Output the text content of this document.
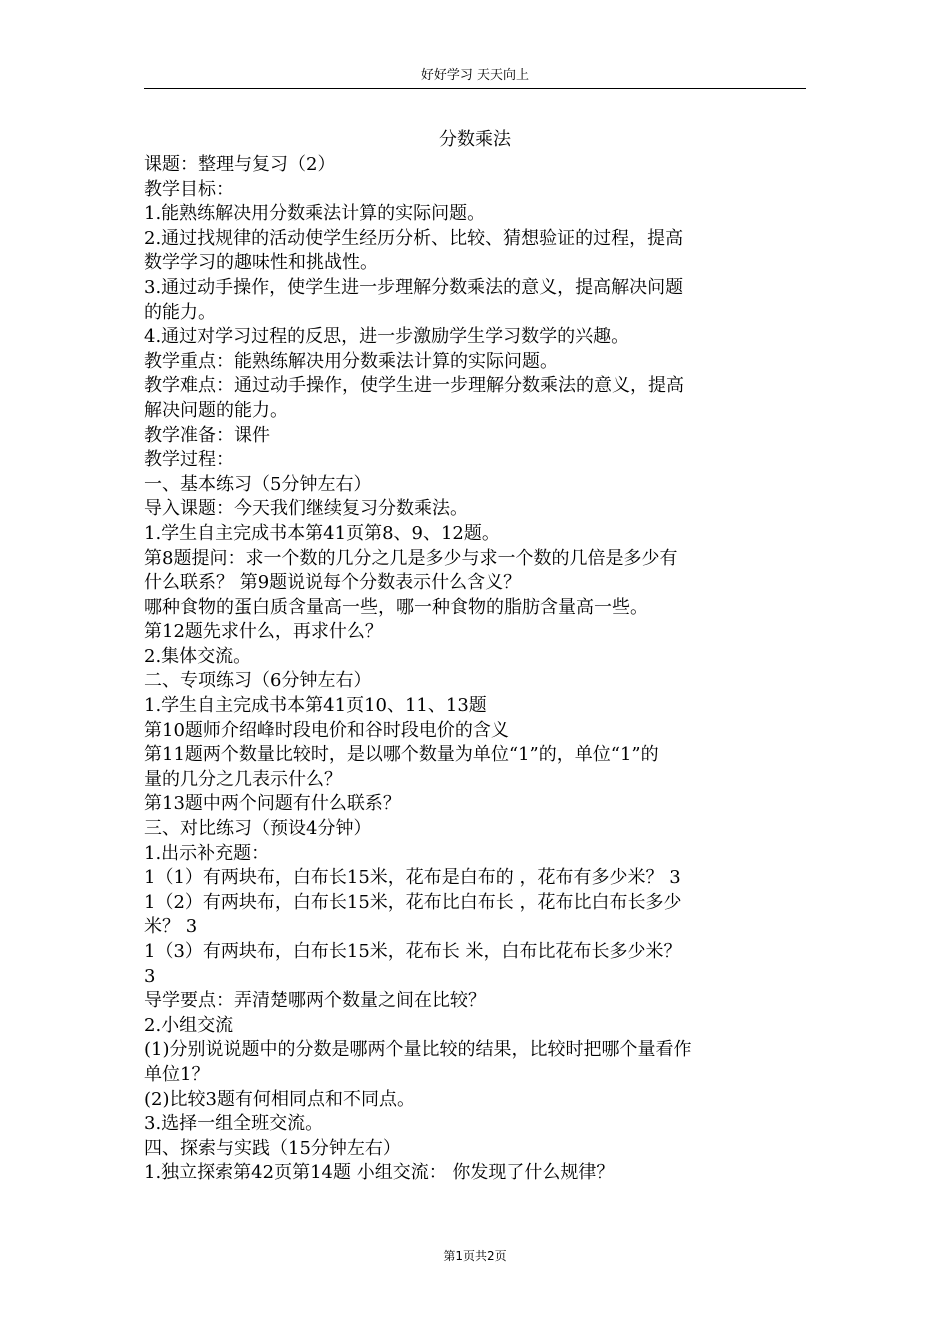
好好学习 天天向上
分数乘法
课题：整理与复习（2）
教学目标：
1.能熟练解决用分数乘法计算的实际问题。
2.通过找规律的活动使学生经历分析、比较、猜想验证的过程，提高
数学学习的趣味性和挑战性。
3.通过动手操作，使学生进一步理解分数乘法的意义，提高解决问题
的能力。
4.通过对学习过程的反思，进一步激励学生学习数学的兴趣。
教学重点：能熟练解决用分数乘法计算的实际问题。
教学难点：通过动手操作，使学生进一步理解分数乘法的意义，提高
解决问题的能力。
教学准备：课件
教学过程：
一、基本练习（5分钟左右）
导入课题：今天我们继续复习分数乘法。
1.学生自主完成书本第41页第8、9、12题。
第8题提问：求一个数的几分之几是多少与求一个数的几倍是多少有
什么联系？ 第9题说说每个分数表示什么含义？
哪种食物的蛋白质含量高一些，哪一种食物的脂肪含量高一些。
第12题先求什么，再求什么？
2.集体交流。
二、专项练习（6分钟左右）
1.学生自主完成书本第41页10、11、13题
第10题师介绍峰时段电价和谷时段电价的含义
第11题两个数量比较时，是以哪个数量为单位“1”的，单位“1”的
量的几分之几表示什么？
第13题中两个问题有什么联系？
三、对比练习（预设4分钟）
1.出示补充题：
1（1）有两块布，白布长15米，花布是白布的 ，花布有多少米？ 3
1（2）有两块布，白布长15米，花布比白布长 ，花布比白布长多少
米？ 3
1（3）有两块布，白布长15米，花布长 米，白布比花布长多少米？
3
导学要点：弄清楚哪两个数量之间在比较？
2.小组交流
(1)分别说说题中的分数是哪两个量比较的结果，比较时把哪个量看作
单位1？
(2)比较3题有何相同点和不同点。
3.选择一组全班交流。
四、探索与实践（15分钟左右）
1.独立探索第42页第14题 小组交流： 你发现了什么规律？
第1页共2页
